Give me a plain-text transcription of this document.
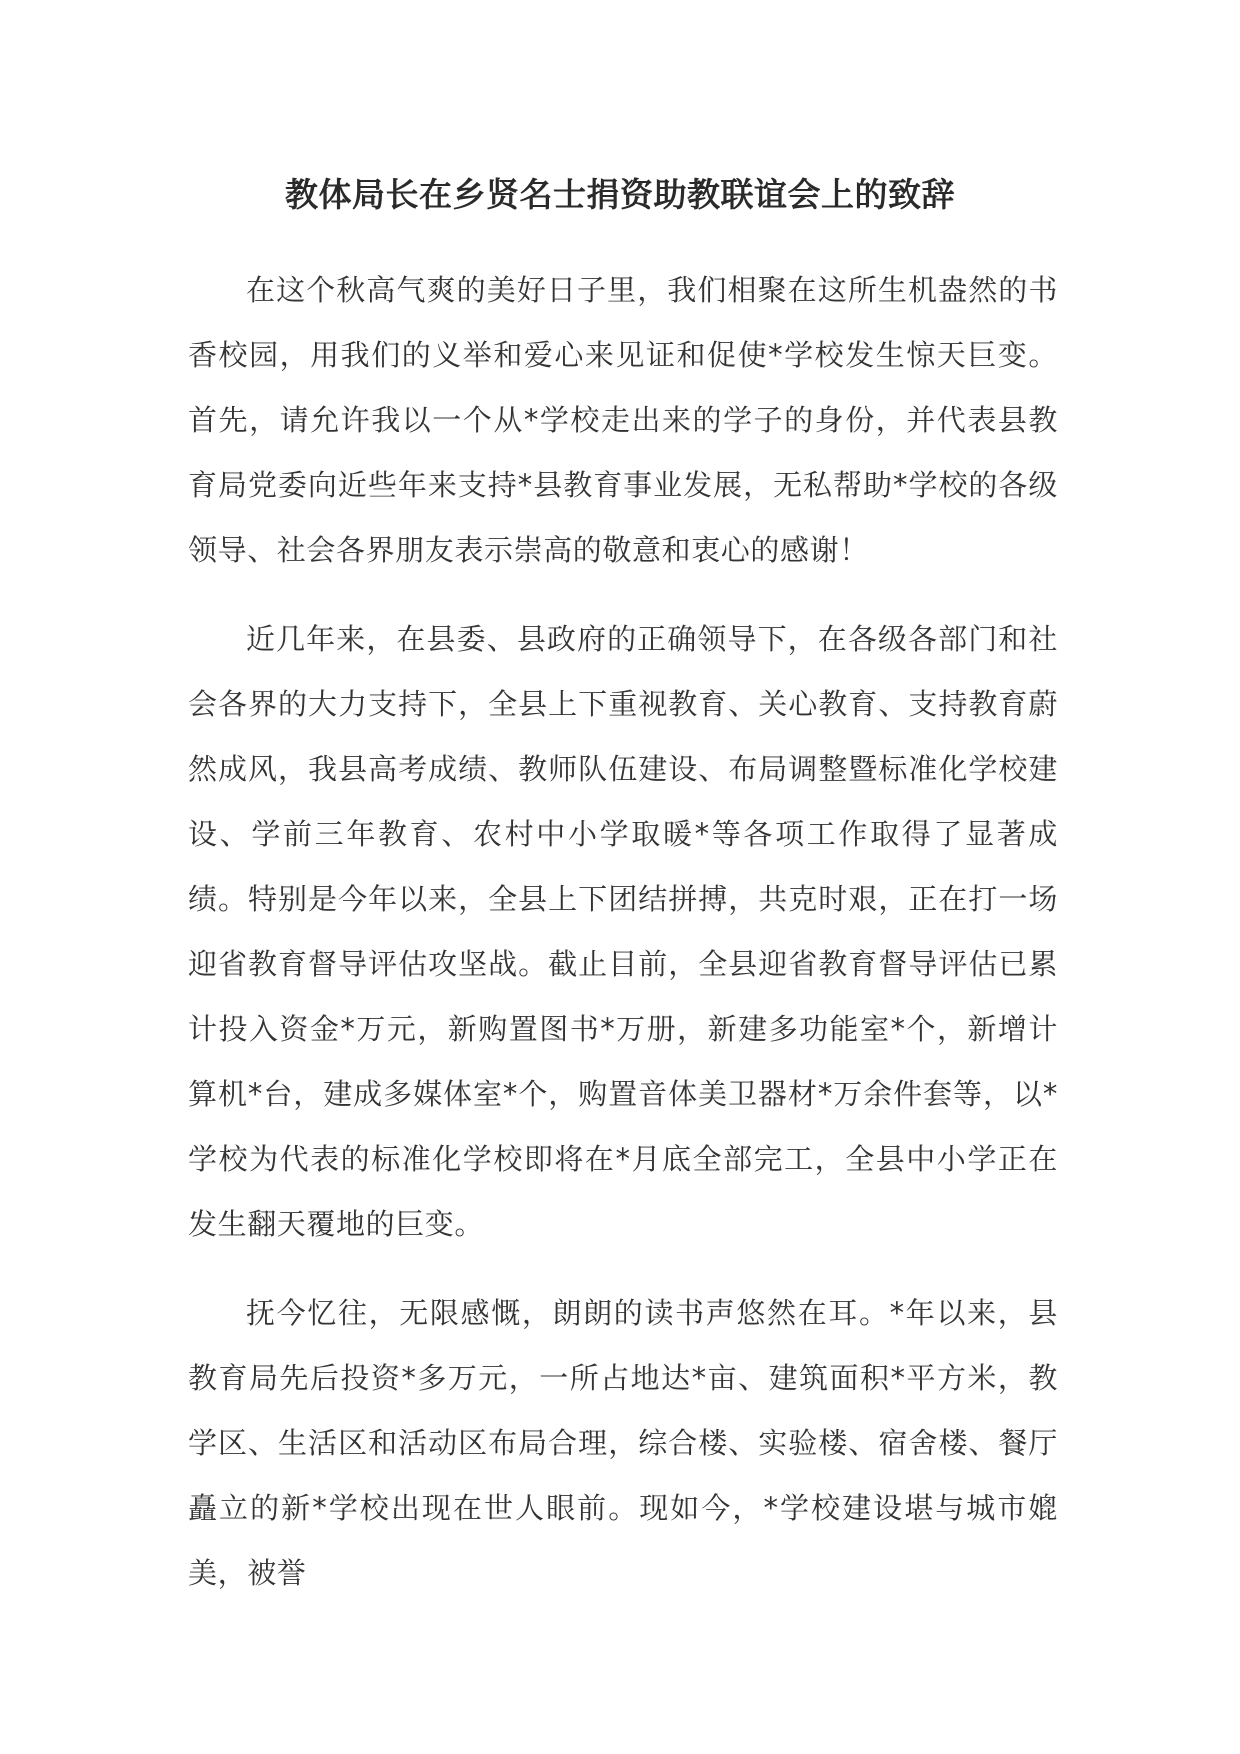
教体局长在乡贤名士捐资助教联谊会上的致辞

在这个秋高气爽的美好日子里，我们相聚在这所生机盎然的书香校园，用我们的义举和爱心来见证和促使*学校发生惊天巨变。首先，请允许我以一个从*学校走出来的学子的身份，并代表县教育局党委向近些年来支持*县教育事业发展，无私帮助*学校的各级领导、社会各界朋友表示崇高的敬意和衷心的感谢！

近几年来，在县委、县政府的正确领导下，在各级各部门和社会各界的大力支持下，全县上下重视教育、关心教育、支持教育蔚然成风，我县高考成绩、教师队伍建设、布局调整暨标准化学校建设、学前三年教育、农村中小学取暖*等各项工作取得了显著成绩。特别是今年以来，全县上下团结拼搏，共克时艰，正在打一场迎省教育督导评估攻坚战。截止目前，全县迎省教育督导评估已累计投入资金*万元，新购置图书*万册，新建多功能室*个，新增计算机*台，建成多媒体室*个，购置音体美卫器材*万余件套等，以*学校为代表的标准化学校即将在*月底全部完工，全县中小学正在发生翻天覆地的巨变。

抚今忆往，无限感慨，朗朗的读书声悠然在耳。*年以来，县教育局先后投资*多万元，一所占地达*亩、建筑面积*平方米，教学区、生活区和活动区布局合理，综合楼、实验楼、宿舍楼、餐厅矗立的新*学校出现在世人眼前。现如今，*学校建设堪与城市媲美，被誉
